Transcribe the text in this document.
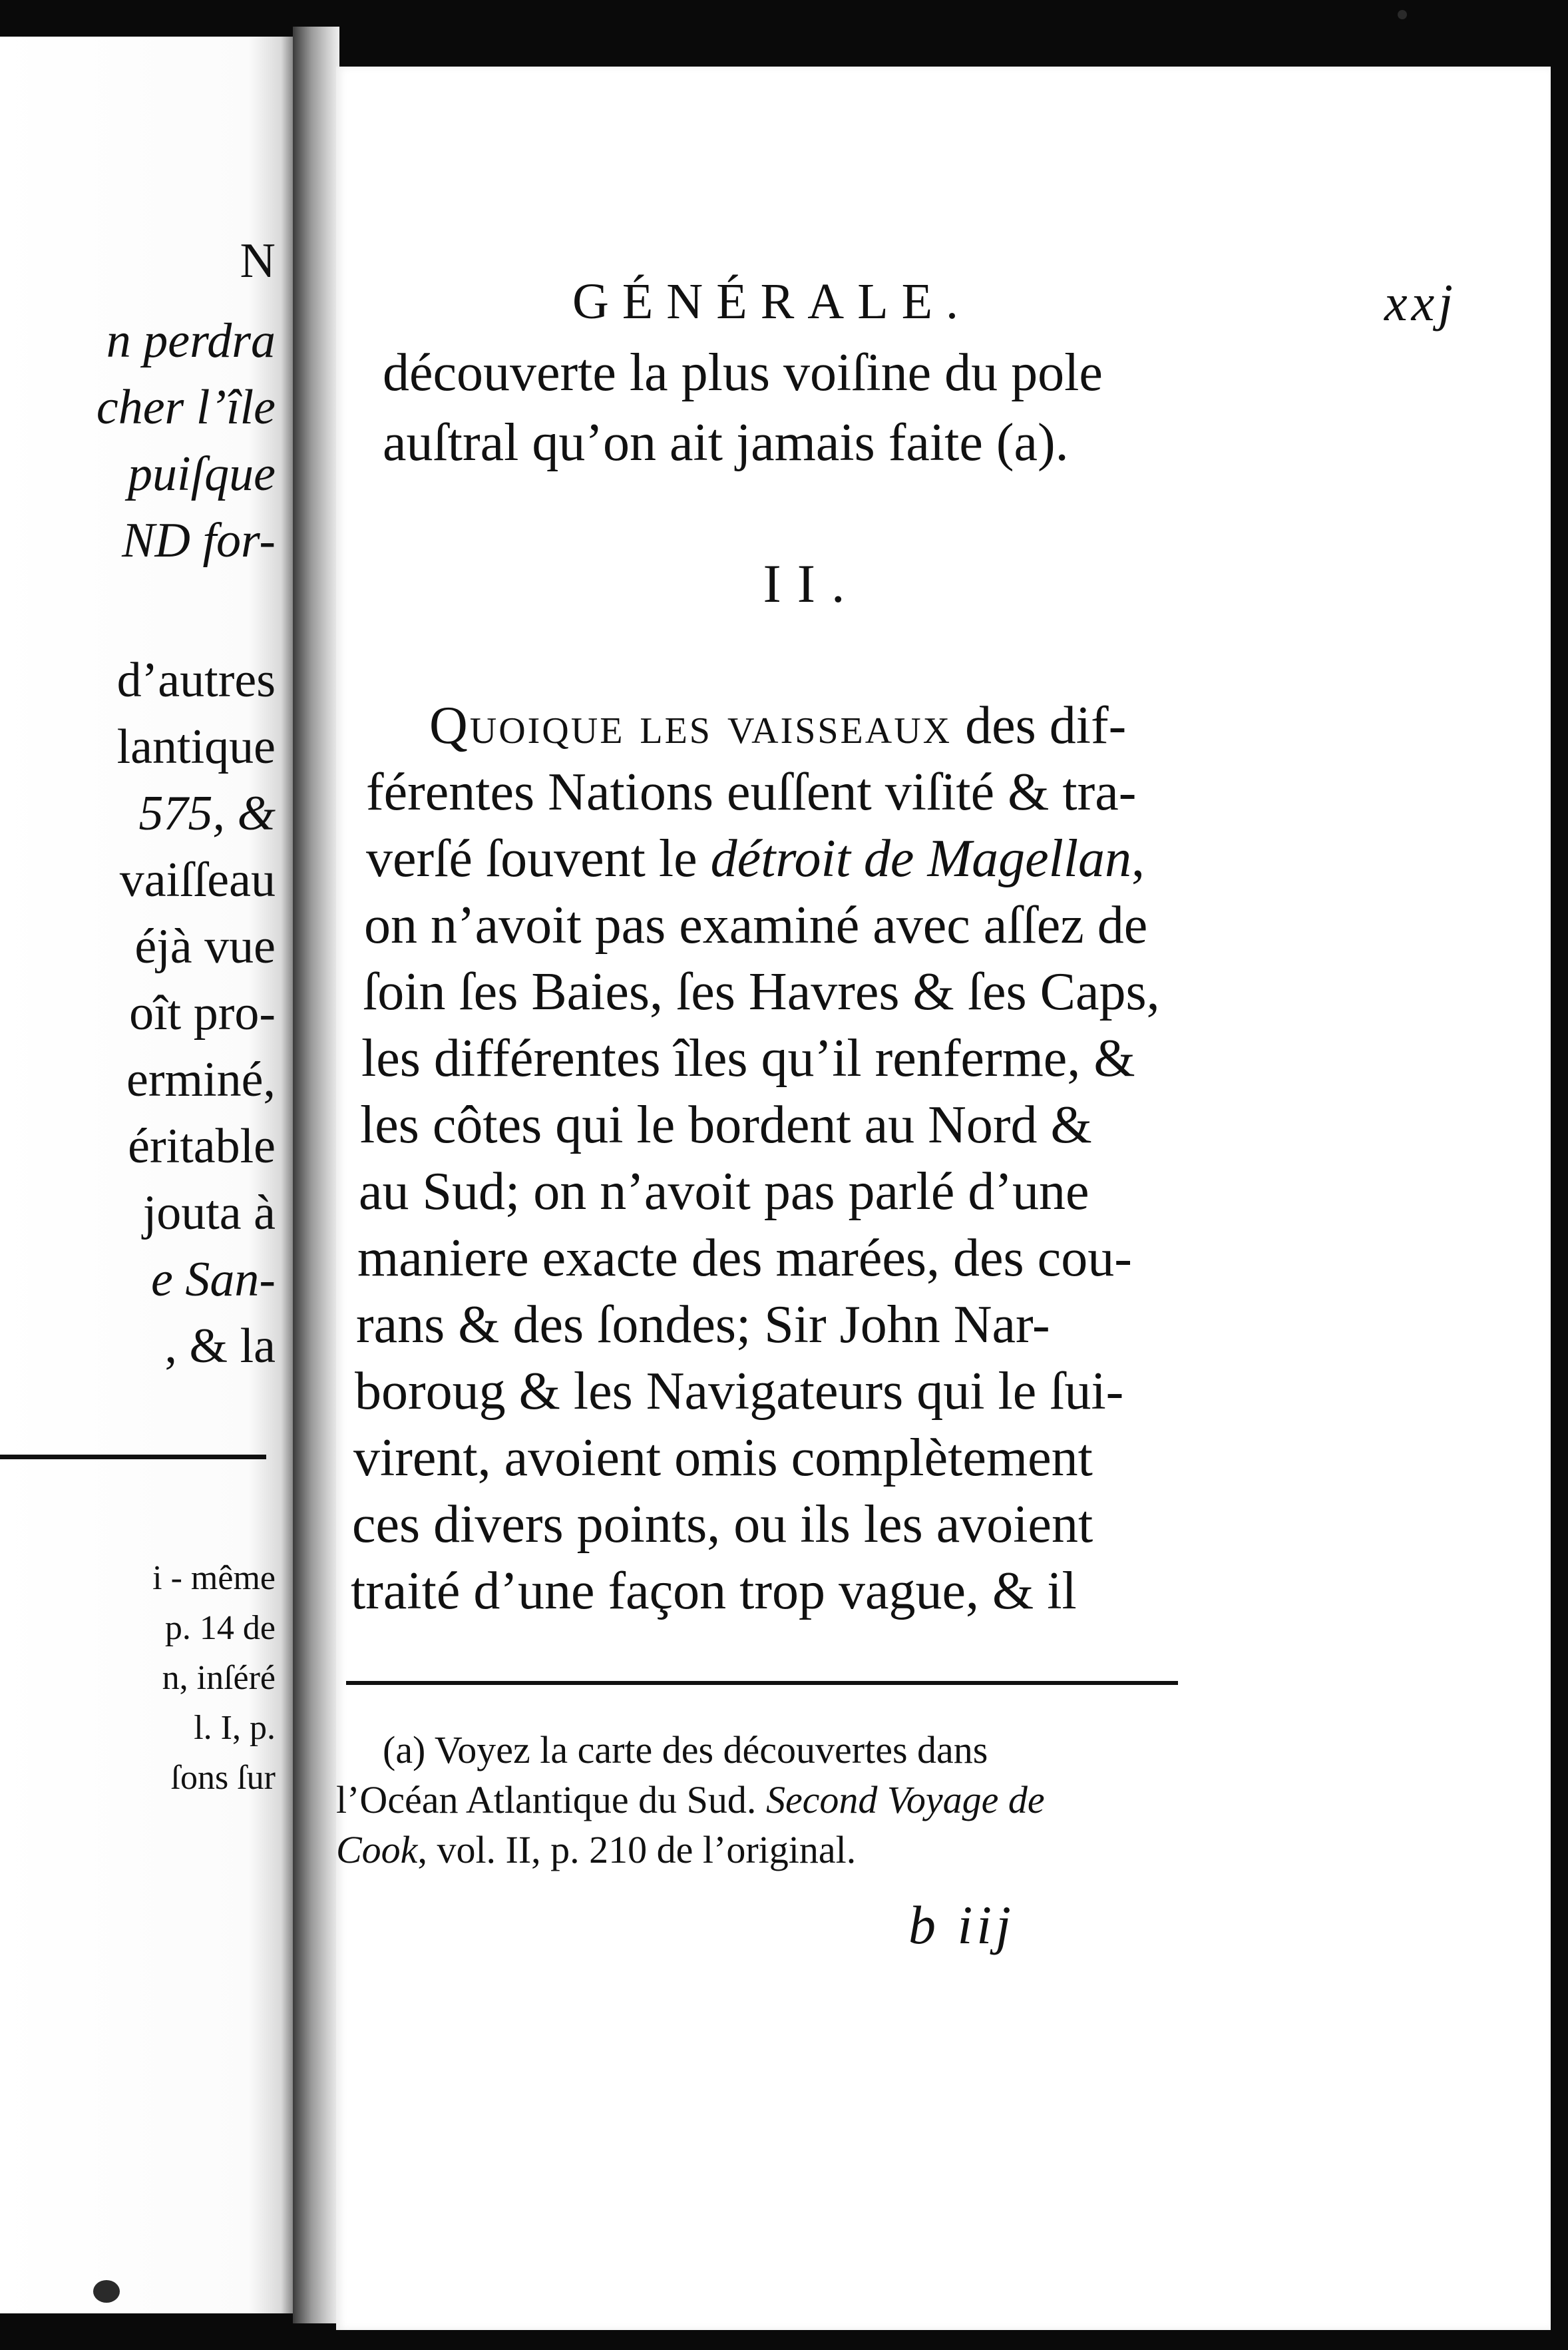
N
n perdra
cher l’île
puiſque
ND for-
d’autres
lantique
575, &
vaiſſeau
éjà vue
oît pro-
erminé,
éritable
jouta à
e San-
, & la
i - même
p. 14 de
n, inſéré
l. I, p.
ſons ſur
GÉNÉRALE.	xxj
découverte la plus voiſine du pole
auſtral qu’on ait jamais faite (a).
II.
Quoique les vaisseaux des dif-
férentes Nations euſſent viſité & tra-
verſé ſouvent le détroit de Magellan,
on n’avoit pas examiné avec aſſez de
ſoin ſes Baies, ſes Havres & ſes Caps,
les différentes îles qu’il renferme, &
les côtes qui le bordent au Nord &
au Sud; on n’avoit pas parlé d’une
maniere exacte des marées, des cou-
rans & des ſondes; Sir John Nar-
boroug & les Navigateurs qui le ſui-
virent, avoient omis complètement
ces divers points, ou ils les avoient
traité d’une façon trop vague, & il
(a) Voyez la carte des découvertes dans
l’Océan Atlantique du Sud. Second Voyage de
Cook, vol. II, p. 210 de l’original.
b iij
